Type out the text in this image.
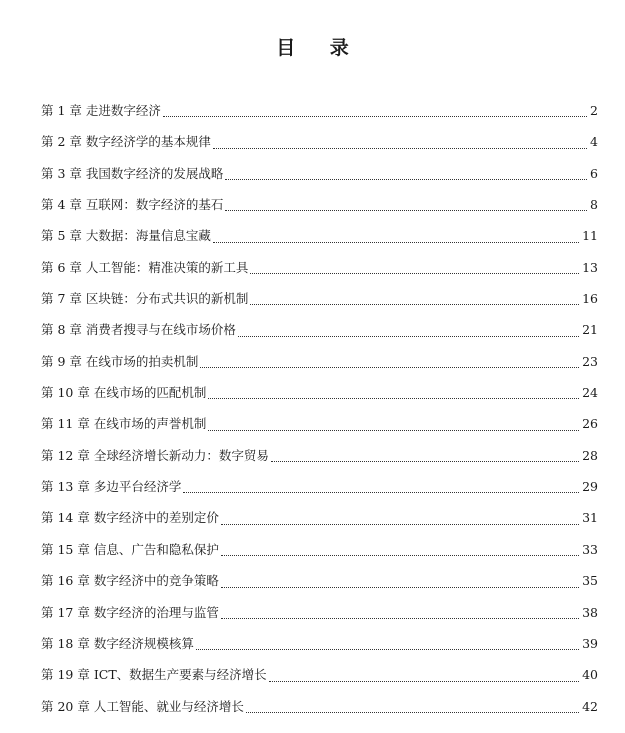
目 录
第 1 章 走进数字经济	2
第 2 章 数字经济学的基本规律	4
第 3 章 我国数字经济的发展战略	6
第 4 章 互联网：数字经济的基石	8
第 5 章 大数据：海量信息宝藏	11
第 6 章 人工智能：精准决策的新工具	13
第 7 章 区块链：分布式共识的新机制	16
第 8 章 消费者搜寻与在线市场价格	21
第 9 章 在线市场的拍卖机制	23
第 10 章 在线市场的匹配机制	24
第 11 章 在线市场的声誉机制	26
第 12 章 全球经济增长新动力：数字贸易	28
第 13 章 多边平台经济学	29
第 14 章 数字经济中的差别定价	31
第 15 章 信息、广告和隐私保护	33
第 16 章 数字经济中的竞争策略	35
第 17 章 数字经济的治理与监管	38
第 18 章 数字经济规模核算	39
第 19 章 ICT、数据生产要素与经济增长	40
第 20 章 人工智能、就业与经济增长	42
